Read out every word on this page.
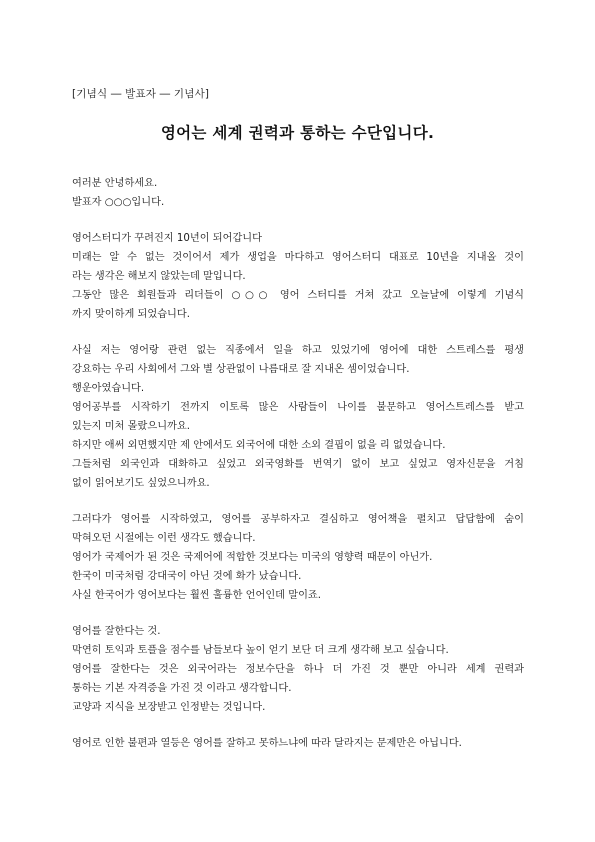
[기념식 ― 발표자 ― 기념사]
영어는 세계 권력과 통하는 수단입니다.
여러분 안녕하세요.
발표자 ○○○입니다.
영어스터디가 꾸려진지 10년이 되어갑니다
미래는 알 수 없는 것이어서 제가 생업을 마다하고 영어스터디 대표로 10년을 지내올 것이
라는 생각은 해보지 않았는데 말입니다.
그동안 많은 회원들과 리더들이 ○○○ 영어 스터디를 거쳐 갔고 오늘날에 이렇게 기념식
까지 맞이하게 되었습니다.
사실 저는 영어랑 관련 없는 직종에서 일을 하고 있었기에 영어에 대한 스트레스를 평생
강요하는 우리 사회에서 그와 별 상관없이 나름대로 잘 지내온 셈이었습니다.
행운아였습니다.
영어공부를 시작하기 전까지 이토록 많은 사람들이 나이를 불문하고 영어스트레스를 받고
있는지 미처 몰랐으니까요.
하지만 애써 외면했지만 제 안에서도 외국어에 대한 소외 결핍이 없을 리 없었습니다.
그들처럼 외국인과 대화하고 싶었고 외국영화를 번역기 없이 보고 싶었고 영자신문을 거침
없이 읽어보기도 싶었으니까요.
그러다가 영어를 시작하였고, 영어를 공부하자고 결심하고 영어책을 펼치고 답답함에 숨이
막혀오던 시절에는 이런 생각도 했습니다.
영어가 국제어가 된 것은 국제어에 적합한 것보다는 미국의 영향력 때문이 아닌가.
한국이 미국처럼 강대국이 아닌 것에 화가 났습니다.
사실 한국어가 영어보다는 훨씬 훌륭한 언어인데 말이죠.
영어를 잘한다는 것.
막연히 토익과 토플을 점수를 남들보다 높이 얻기 보단 더 크게 생각해 보고 싶습니다.
영어를 잘한다는 것은 외국어라는 정보수단을 하나 더 가진 것 뿐만 아니라 세계 권력과
통하는 기본 자격증을 가진 것 이라고 생각합니다.
교양과 지식을 보장받고 인정받는 것입니다.
영어로 인한 불편과 열등은 영어를 잘하고 못하느냐에 따라 달라지는 문제만은 아닙니다.
